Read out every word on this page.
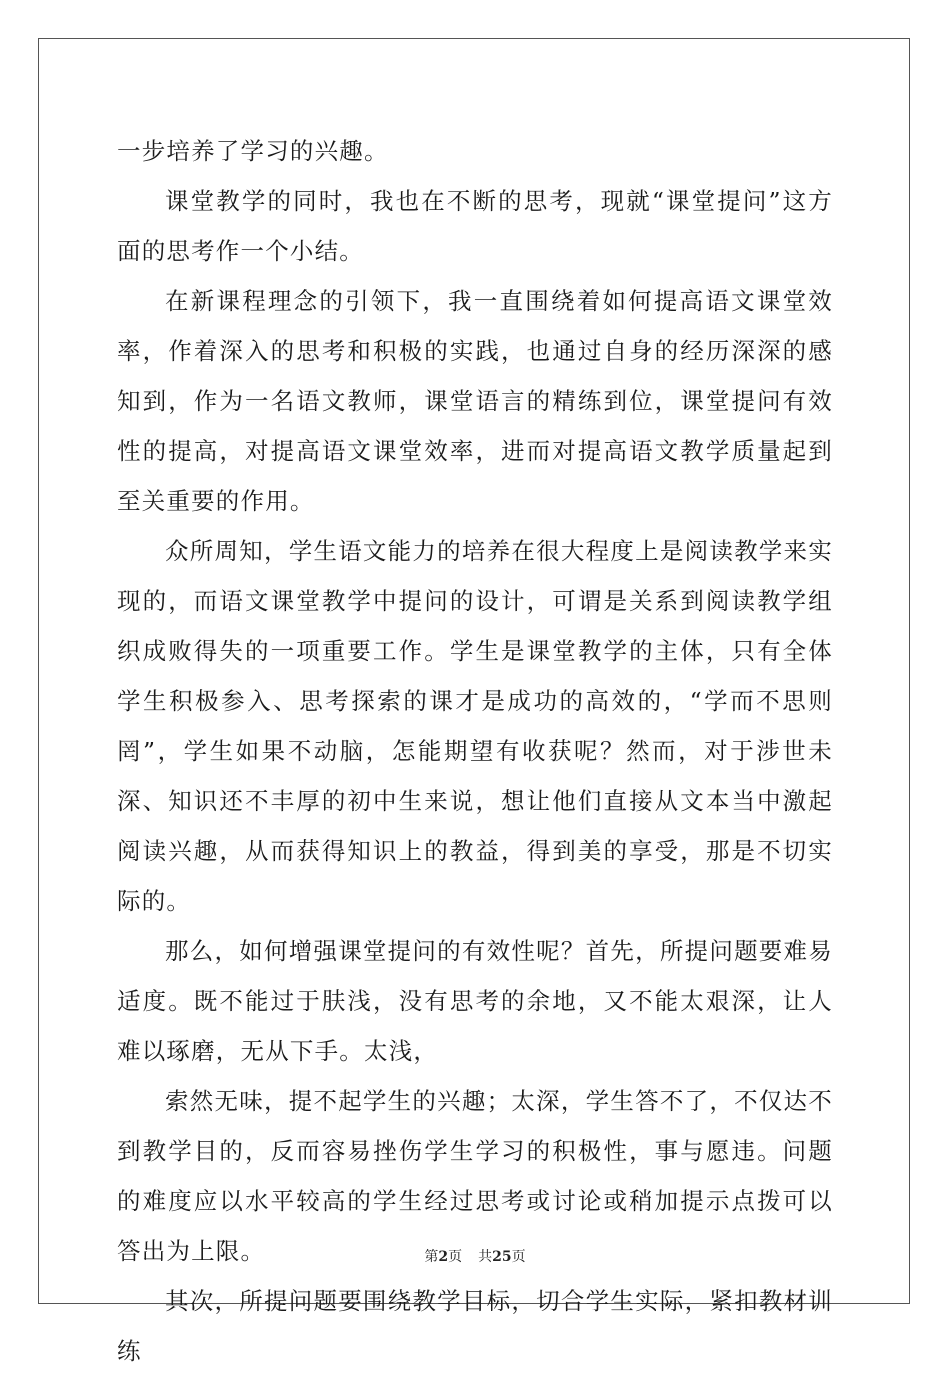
一步培养了学习的兴趣。

课堂教学的同时，我也在不断的思考，现就“课堂提问”这方面的思考作一个小结。

在新课程理念的引领下，我一直围绕着如何提高语文课堂效率，作着深入的思考和积极的实践，也通过自身的经历深深的感知到，作为一名语文教师，课堂语言的精练到位，课堂提问有效性的提高，对提高语文课堂效率，进而对提高语文教学质量起到至关重要的作用。

众所周知，学生语文能力的培养在很大程度上是阅读教学来实现的，而语文课堂教学中提问的设计，可谓是关系到阅读教学组织成败得失的一项重要工作。学生是课堂教学的主体，只有全体学生积极参入、思考探索的课才是成功的高效的，“学而不思则罔”，学生如果不动脑，怎能期望有收获呢？然而，对于涉世未深、知识还不丰厚的初中生来说，想让他们直接从文本当中激起阅读兴趣，从而获得知识上的教益，得到美的享受，那是不切实际的。

那么，如何增强课堂提问的有效性呢？首先，所提问题要难易适度。既不能过于肤浅，没有思考的余地，又不能太艰深，让人难以琢磨，无从下手。太浅，

索然无味，提不起学生的兴趣；太深，学生答不了，不仅达不到教学目的，反而容易挫伤学生学习的积极性，事与愿违。问题的难度应以水平较高的学生经过思考或讨论或稍加提示点拨可以答出为上限。

其次，所提问题要围绕教学目标，切合学生实际，紧扣教材训练

第2页 共25页
